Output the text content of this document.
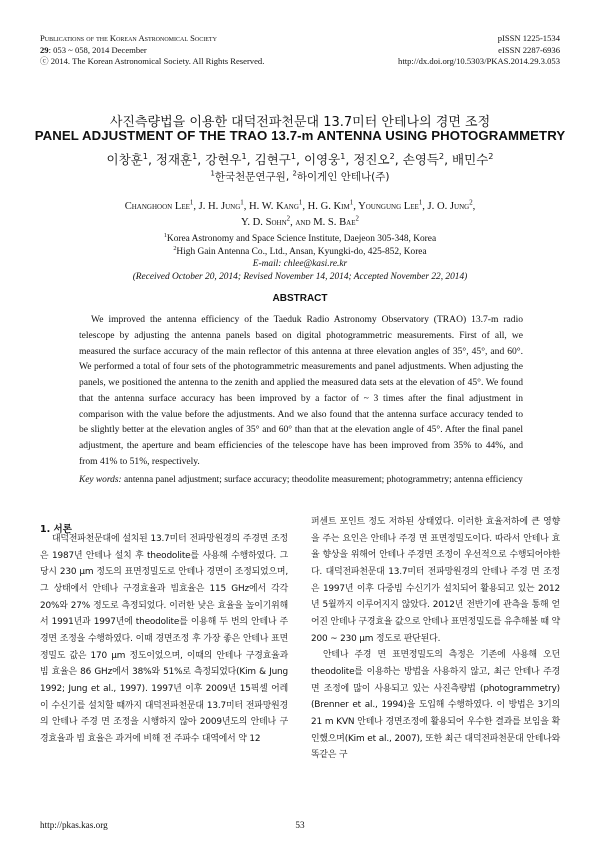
Publications of the Korean Astronomical Society
29: 053 ~ 058, 2014 December
ⓒ 2014. The Korean Astronomical Society. All Rights Reserved.
pISSN 1225-1534
eISSN 2287-6936
http://dx.doi.org/10.5303/PKAS.2014.29.3.053
사진측량법을 이용한 대덕전파천문대 13.7미터 안테나의 경면 조정
PANEL ADJUSTMENT OF THE TRAO 13.7-m ANTENNA USING PHOTOGRAMMETRY
이창훈$^1$, 정재훈$^1$, 강현우$^1$, 김현구$^1$, 이영웅$^1$, 정진오$^2$, 손영득$^2$, 배민수$^2$
$^1$한국천문연구원, $^2$하이게인 안테나(주)
Changhoon Lee$^1$, J. H. Jung$^1$, H. W. Kang$^1$, H. G. Kim$^1$, Youngung Lee$^1$, J. O. Jung$^2$,
Y. D. Sohn$^2$, and M. S. Bae$^2$
$^1$Korea Astronomy and Space Science Institute, Daejeon 305-348, Korea
$^2$High Gain Antenna Co., Ltd., Ansan, Kyungki-do, 425-852, Korea
E-mail: chlee@kasi.re.kr
(Received October 20, 2014; Revised November 14, 2014; Accepted November 22, 2014)
ABSTRACT
We improved the antenna efficiency of the Taeduk Radio Astronomy Observatory (TRAO) 13.7-m radio telescope by adjusting the antenna panels based on digital photogrammetric measurements. First of all, we measured the surface accuracy of the main reflector of this antenna at three elevation angles of 35°, 45°, and 60°. We performed a total of four sets of the photogrammetric measurements and panel adjustments. When adjusting the panels, we positioned the antenna to the zenith and applied the measured data sets at the elevation of 45°. We found that the antenna surface accuracy has been improved by a factor of ~ 3 times after the final adjustment in comparison with the value before the adjustments. And we also found that the antenna surface accuracy tended to be slightly better at the elevation angles of 35° and 60° than that at the elevation angle of 45°. After the final panel adjustment, the aperture and beam efficiencies of the telescope have has been improved from 35% to 44%, and from 41% to 51%, respectively.
Key words: antenna panel adjustment; surface accuracy; theodolite measurement; photogrammetry; antenna efficiency
1. 서론

대덕전파천문대에 설치된 13.7미터 전파망원경의 주경면 조정은 1987년 안테나 설치 후 theodolite를 사용해 수행하였다. 그 당시 230 μm 정도의 표면정밀도로 안테나 경면이 조정되었으며, 그 상태에서 안테나 구경효율과 빔효율은 115 GHz에서 각각 20%와 27% 정도로 측정되었다. 이러한 낮은 효율을 높이기위해서 1991년과 1997년에 theodolite를 이용해 두 번의 안테나 주경면 조정을 수행하였다. 이때 경면조정 후 가장 좋은 안테나 표면정밀도 값은 170 μm 정도이었으며, 이때의 안테나 구경효율과 빔 효율은 86 GHz에서 38%와 51%로 측정되었다(Kim & Jung 1992; Jung et al., 1997). 1997년 이후 2009년 15픽셀 어레이 수신기를 설치할 때까지 대덕전파천문대 13.7미터 전파망원경의 안테나 주경 면 조정을 시행하지 않아 2009년도의 안테나 구경효율과 빔 효율은 과거에 비해 전 주파수 대역에서 약 12

퍼센트 포인트 정도 저하된 상태였다. 이러한 효율저하에 큰 영향을 주는 요인은 안테나 주경 면 표면정밀도이다. 따라서 안테나 효율 향상을 위해어 안테나 주경면 조정이 우선적으로 수행되어야한다. 대덕전파천문대 13.7미터 전파망원경의 안테나 주경 면 조정은 1997년 이후 다중빔 수신기가 설치되어 활용되고 있는 2012년 5월까지 이루어지지 않았다. 2012년 전반기에 관측을 통해 얻어진 안테나 구경효율 값으로 안테나 표면정밀도를 유추해볼 때 약 200 ~ 230 μm 정도로 판단된다.

안테나 주경 면 표면정밀도의 측정은 기존에 사용해 오던 theodolite를 이용하는 방법을 사용하지 않고, 최근 안테나 주경 면 조정에 많이 사용되고 있는 사진측량법 (photogrammetry) (Brenner et al., 1994)을 도입해 수행하였다. 이 방법은 3기의 21 m KVN 안테나 경면조정에 활용되어 우수한 결과를 보임을 확인했으며(Kim et al., 2007), 또한 최근 대덕전파천문대 안테나와 똑같은 구

http://pkas.kas.org	53
